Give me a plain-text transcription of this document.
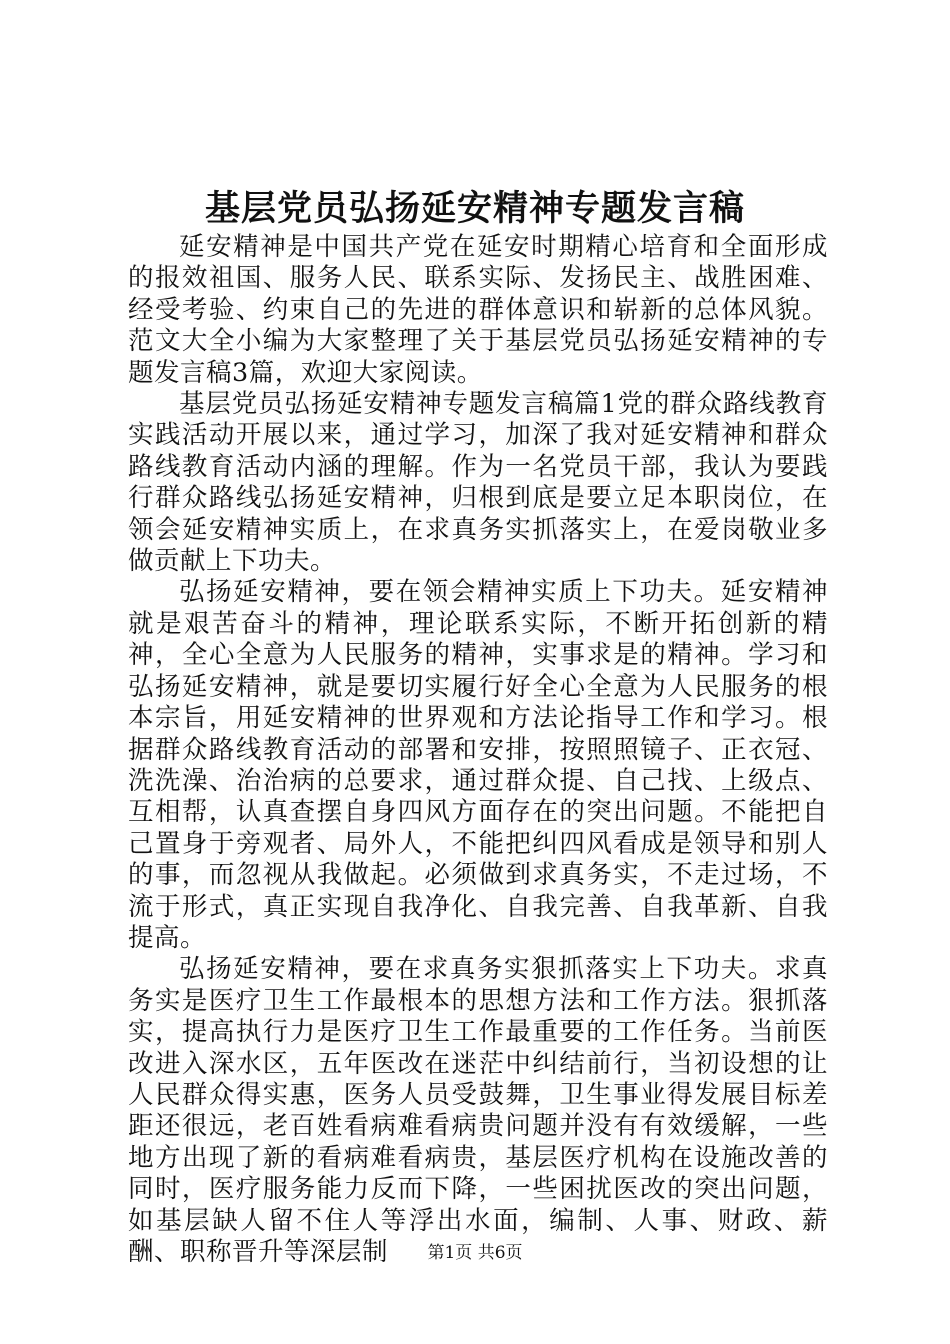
基层党员弘扬延安精神专题发言稿

延安精神是中国共产党在延安时期精心培育和全面形成的报效祖国、服务人民、联系实际、发扬民主、战胜困难、经受考验、约束自己的先进的群体意识和崭新的总体风貌。范文大全小编为大家整理了关于基层党员弘扬延安精神的专题发言稿3篇，欢迎大家阅读。

基层党员弘扬延安精神专题发言稿篇1党的群众路线教育实践活动开展以来，通过学习，加深了我对延安精神和群众路线教育活动内涵的理解。作为一名党员干部，我认为要践行群众路线弘扬延安精神，归根到底是要立足本职岗位，在领会延安精神实质上，在求真务实抓落实上，在爱岗敬业多做贡献上下功夫。

弘扬延安精神，要在领会精神实质上下功夫。延安精神就是艰苦奋斗的精神，理论联系实际，不断开拓创新的精神，全心全意为人民服务的精神，实事求是的精神。学习和弘扬延安精神，就是要切实履行好全心全意为人民服务的根本宗旨，用延安精神的世界观和方法论指导工作和学习。根据群众路线教育活动的部署和安排，按照照镜子、正衣冠、洗洗澡、治治病的总要求，通过群众提、自己找、上级点、互相帮，认真查摆自身四风方面存在的突出问题。不能把自己置身于旁观者、局外人，不能把纠四风看成是领导和别人的事，而忽视从我做起。必须做到求真务实，不走过场，不流于形式，真正实现自我净化、自我完善、自我革新、自我提高。

弘扬延安精神，要在求真务实狠抓落实上下功夫。求真务实是医疗卫生工作最根本的思想方法和工作方法。狠抓落实，提高执行力是医疗卫生工作最重要的工作任务。当前医改进入深水区，五年医改在迷茫中纠结前行，当初设想的让人民群众得实惠，医务人员受鼓舞，卫生事业得发展目标差距还很远，老百姓看病难看病贵问题并没有有效缓解，一些地方出现了新的看病难看病贵，基层医疗机构在设施改善的同时，医疗服务能力反而下降，一些困扰医改的突出问题，如基层缺人留不住人等浮出水面，编制、人事、财政、薪酬、职称晋升等深层制	第1页 共6页
